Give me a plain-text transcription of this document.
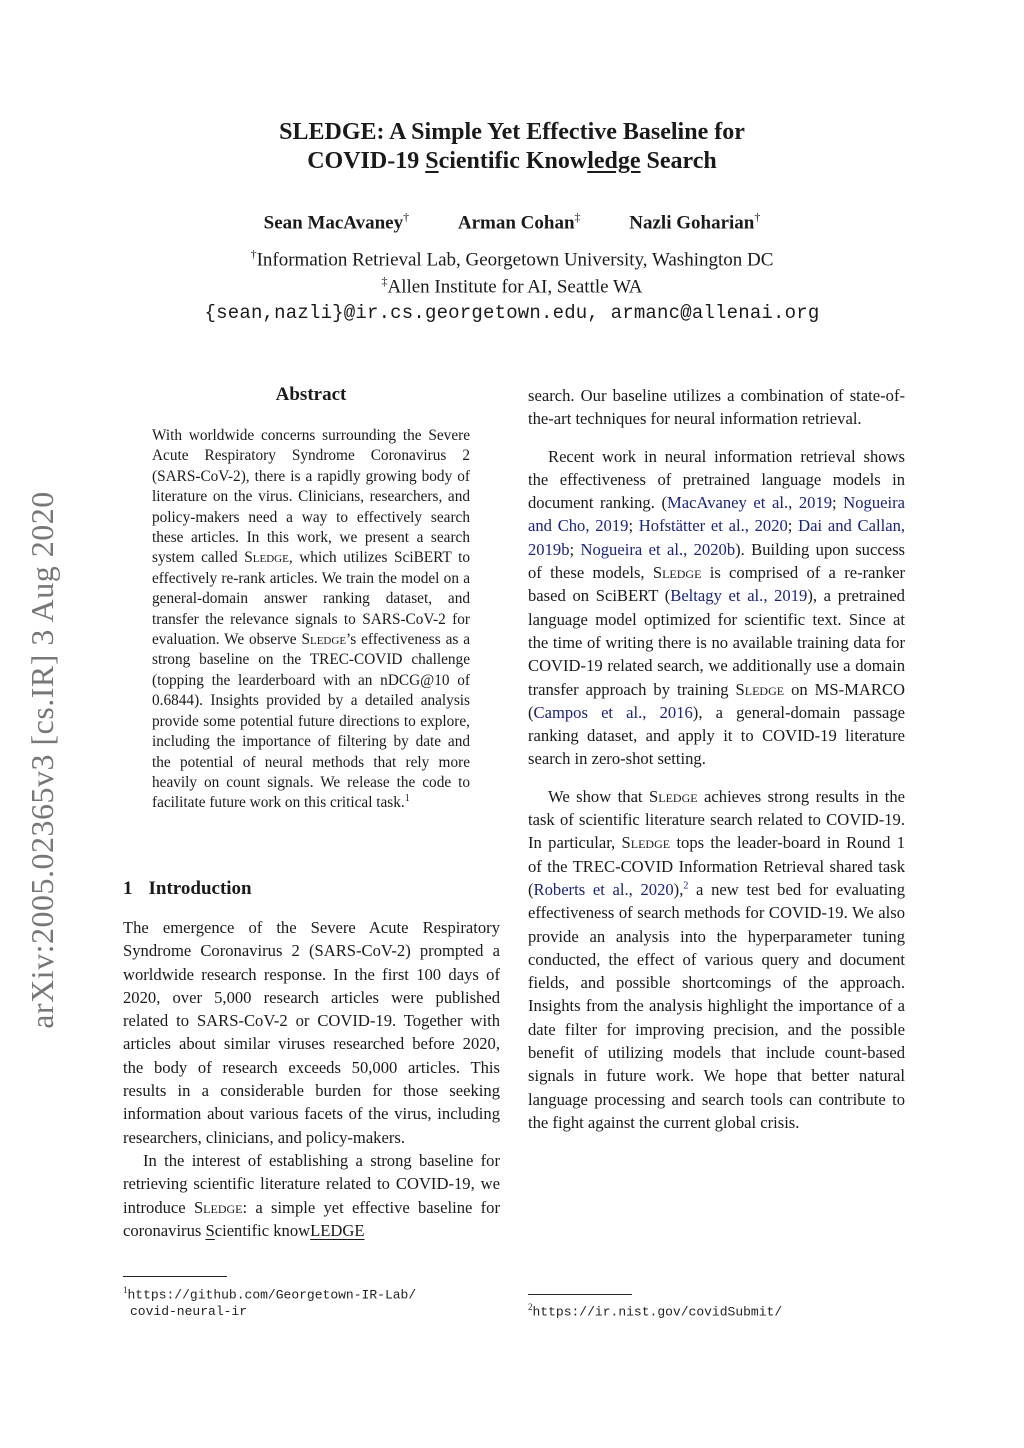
SLEDGE: A Simple Yet Effective Baseline for
COVID-19 Scientific Knowledge Search
Sean MacAvaney†	Arman Cohan‡	Nazli Goharian†
†Information Retrieval Lab, Georgetown University, Washington DC
‡Allen Institute for AI, Seattle WA
{sean,nazli}@ir.cs.georgetown.edu, armanc@allenai.org
arXiv:2005.02365v3 [cs.IR] 3 Aug 2020
Abstract

With worldwide concerns surrounding the Severe Acute Respiratory Syndrome Coronavirus 2 (SARS-CoV-2), there is a rapidly growing body of literature on the virus. Clinicians, researchers, and policy-makers need a way to effectively search these articles. In this work, we present a search system called Sledge, which utilizes SciBERT to effectively re-rank articles. We train the model on a general-domain answer ranking dataset, and transfer the relevance signals to SARS-CoV-2 for evaluation. We observe Sledge’s effectiveness as a strong baseline on the TREC-COVID challenge (topping the learderboard with an nDCG@10 of 0.6844). Insights provided by a detailed analysis provide some potential future directions to explore, including the importance of filtering by date and the potential of neural methods that rely more heavily on count signals. We release the code to facilitate future work on this critical task.$^1$

1 Introduction

The emergence of the Severe Acute Respiratory Syndrome Coronavirus 2 (SARS-CoV-2) prompted a worldwide research response. In the first 100 days of 2020, over 5,000 research articles were published related to SARS-CoV-2 or COVID-19. Together with articles about similar viruses researched before 2020, the body of research exceeds 50,000 articles. This results in a considerable burden for those seeking information about various facets of the virus, including researchers, clinicians, and policy-makers.

In the interest of establishing a strong baseline for retrieving scientific literature related to COVID-19, we introduce Sledge: a simple yet effective baseline for coronavirus Scientific knowLEDGE

search. Our baseline utilizes a combination of state-of-the-art techniques for neural information retrieval.

Recent work in neural information retrieval shows the effectiveness of pretrained language models in document ranking. (MacAvaney et al., 2019; Nogueira and Cho, 2019; Hofstätter et al., 2020; Dai and Callan, 2019b; Nogueira et al., 2020b). Building upon success of these models, Sledge is comprised of a re-ranker based on SciBERT (Beltagy et al., 2019), a pretrained language model optimized for scientific text. Since at the time of writing there is no available training data for COVID-19 related search, we additionally use a domain transfer approach by training Sledge on MS-MARCO (Campos et al., 2016), a general-domain passage ranking dataset, and apply it to COVID-19 literature search in zero-shot setting.

We show that Sledge achieves strong results in the task of scientific literature search related to COVID-19. In particular, Sledge tops the leader-board in Round 1 of the TREC-COVID Information Retrieval shared task (Roberts et al., 2020),$^2$ a new test bed for evaluating effectiveness of search methods for COVID-19. We also provide an analysis into the hyperparameter tuning conducted, the effect of various query and document fields, and possible shortcomings of the approach. Insights from the analysis highlight the importance of a date filter for improving precision, and the possible benefit of utilizing models that include count-based signals in future work. We hope that better natural language processing and search tools can contribute to the fight against the current global crisis.

$^1$https://github.com/Georgetown-IR-Lab/
covid-neural-ir	$^2$https://ir.nist.gov/covidSubmit/
